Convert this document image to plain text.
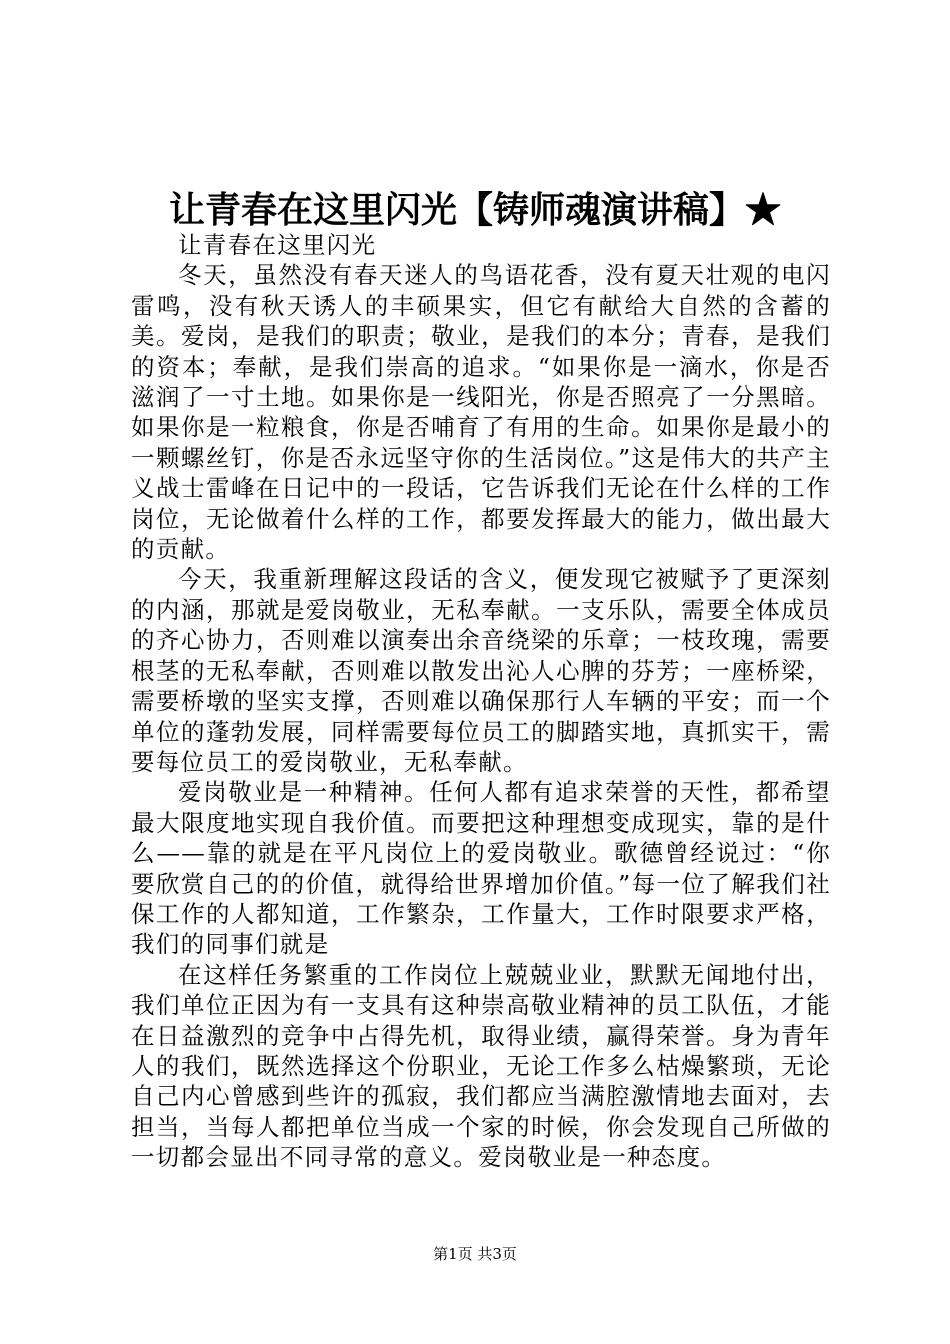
让青春在这里闪光【铸师魂演讲稿】★

让青春在这里闪光

冬天，虽然没有春天迷人的鸟语花香，没有夏天壮观的电闪雷鸣，没有秋天诱人的丰硕果实，但它有献给大自然的含蓄的美。爱岗，是我们的职责；敬业，是我们的本分；青春，是我们的资本；奉献，是我们崇高的追求。“如果你是一滴水，你是否滋润了一寸土地。如果你是一线阳光，你是否照亮了一分黑暗。如果你是一粒粮食，你是否哺育了有用的生命。如果你是最小的一颗螺丝钉，你是否永远坚守你的生活岗位。”这是伟大的共产主义战士雷峰在日记中的一段话，它告诉我们无论在什么样的工作岗位，无论做着什么样的工作，都要发挥最大的能力，做出最大的贡献。

今天，我重新理解这段话的含义，便发现它被赋予了更深刻的内涵，那就是爱岗敬业，无私奉献。一支乐队，需要全体成员的齐心协力，否则难以演奏出余音绕梁的乐章；一枝玫瑰，需要根茎的无私奉献，否则难以散发出沁人心脾的芬芳；一座桥梁，需要桥墩的坚实支撑，否则难以确保那行人车辆的平安；而一个单位的蓬勃发展，同样需要每位员工的脚踏实地，真抓实干，需要每位员工的爱岗敬业，无私奉献。

爱岗敬业是一种精神。任何人都有追求荣誉的天性，都希望最大限度地实现自我价值。而要把这种理想变成现实，靠的是什么——靠的就是在平凡岗位上的爱岗敬业。歌德曾经说过：“你要欣赏自己的的价值，就得给世界增加价值。”每一位了解我们社保工作的人都知道，工作繁杂，工作量大，工作时限要求严格，我们的同事们就是

在这样任务繁重的工作岗位上兢兢业业，默默无闻地付出，我们单位正因为有一支具有这种崇高敬业精神的员工队伍，才能在日益激烈的竞争中占得先机，取得业绩，赢得荣誉。身为青年人的我们，既然选择这个份职业，无论工作多么枯燥繁琐，无论自己内心曾感到些许的孤寂，我们都应当满腔激情地去面对，去担当，当每人都把单位当成一个家的时候，你会发现自己所做的一切都会显出不同寻常的意义。爱岗敬业是一种态度。

第1页 共3页
